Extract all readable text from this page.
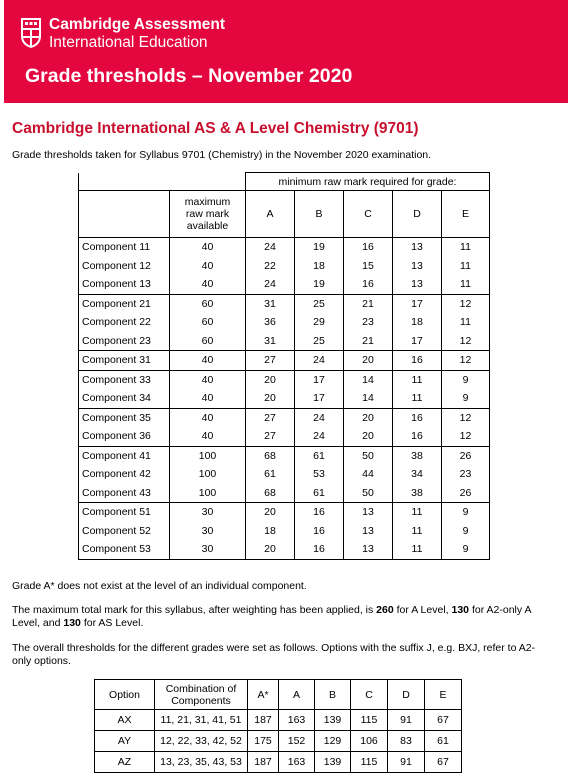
Cambridge Assessment
International Education
Grade thresholds – November 2020
Cambridge International AS & A Level Chemistry (9701)
Grade thresholds taken for Syllabus 9701 (Chemistry) in the November 2020 examination.
		minimum raw mark required for grade:				
	maximum raw mark available	A	B	C	D	E
Component 11	40	24	19	16	13	11
Component 12	40	22	18	15	13	11
Component 13	40	24	19	16	13	11
Component 21	60	31	25	21	17	12
Component 22	60	36	29	23	18	11
Component 23	60	31	25	21	17	12
Component 31	40	27	24	20	16	12
Component 33	40	20	17	14	11	9
Component 34	40	20	17	14	11	9
Component 35	40	27	24	20	16	12
Component 36	40	27	24	20	16	12
Component 41	100	68	61	50	38	26
Component 42	100	61	53	44	34	23
Component 43	100	68	61	50	38	26
Component 51	30	20	16	13	11	9
Component 52	30	18	16	13	11	9
Component 53	30	20	16	13	11	9
Grade A* does not exist at the level of an individual component.
The maximum total mark for this syllabus, after weighting has been applied, is 260 for A Level, 130 for A2-only A Level, and 130 for AS Level.
The overall thresholds for the different grades were set as follows. Options with the suffix J, e.g. BXJ, refer to A2-only options.
Option	Combination of Components	A*	A	B	C	D	E
AX	11, 21, 31, 41, 51	187	163	139	115	91	67
AY	12, 22, 33, 42, 52	175	152	129	106	83	61
AZ	13, 23, 35, 43, 53	187	163	139	115	91	67
